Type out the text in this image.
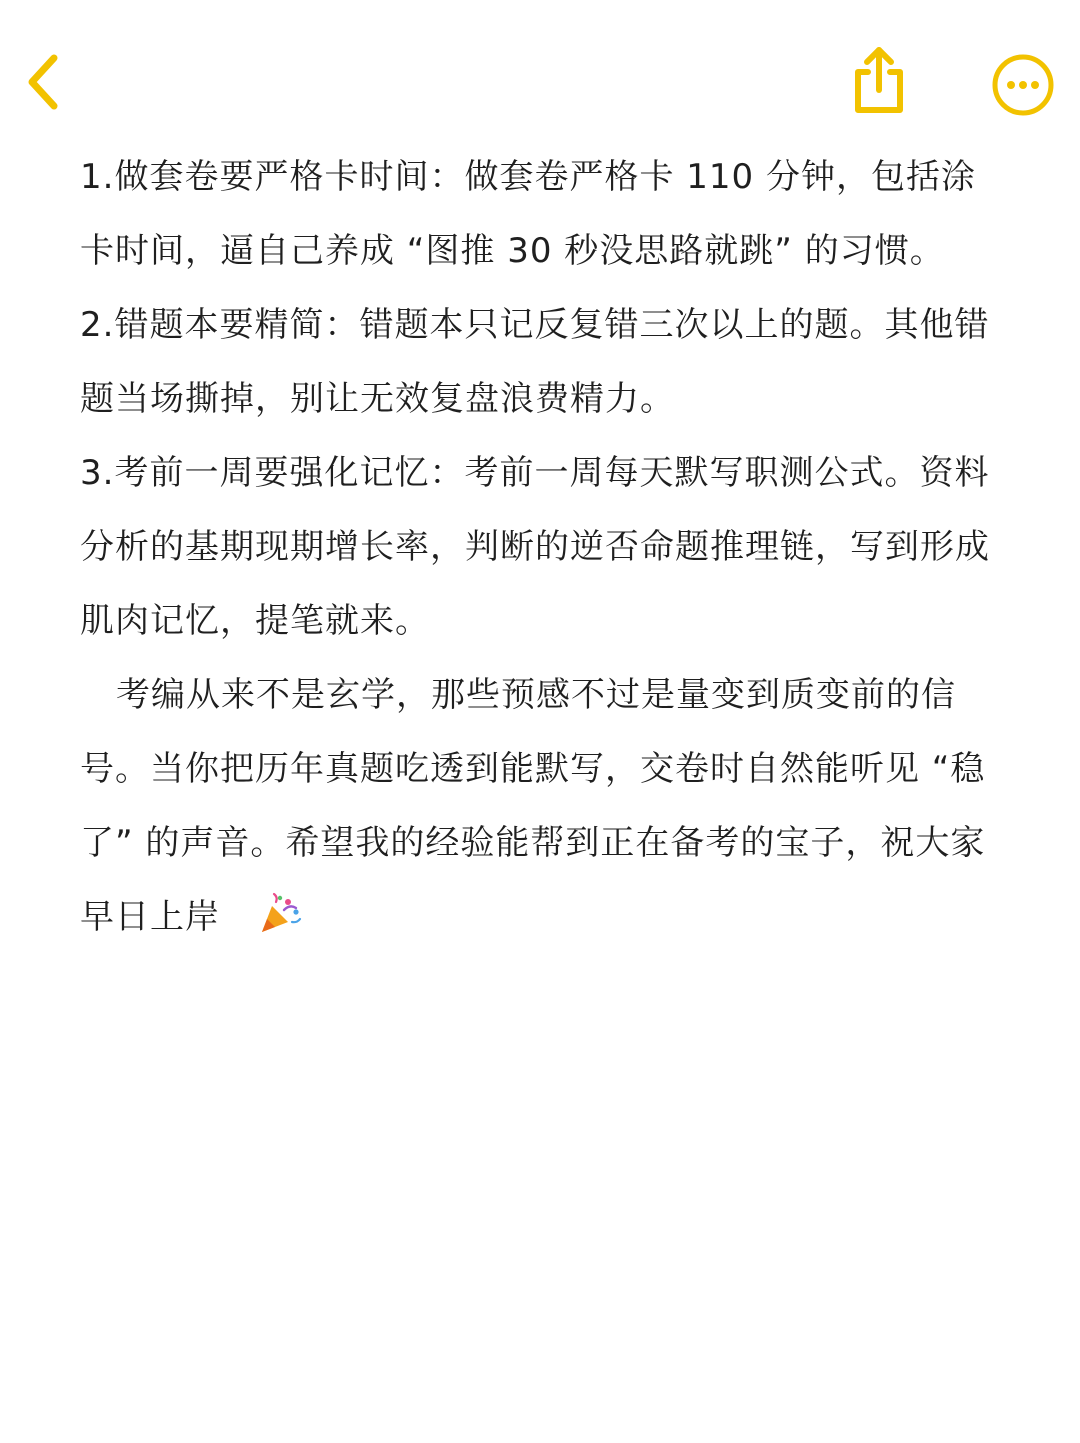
1.做套卷要严格卡时间：做套卷严格卡 110 分钟，包括涂卡时间，逼自己养成 “图推 30 秒没思路就跳” 的习惯。

2.错题本要精简：错题本只记反复错三次以上的题。其他错题当场撕掉，别让无效复盘浪费精力。

3.考前一周要强化记忆：考前一周每天默写职测公式。资料分析的基期现期增长率，判断的逆否命题推理链，写到形成肌肉记忆，提笔就来。

考编从来不是玄学，那些预感不过是量变到质变前的信号。当你把历年真题吃透到能默写，交卷时自然能听见 “稳了” 的声音。希望我的经验能帮到正在备考的宝子，祝大家早日上岸
